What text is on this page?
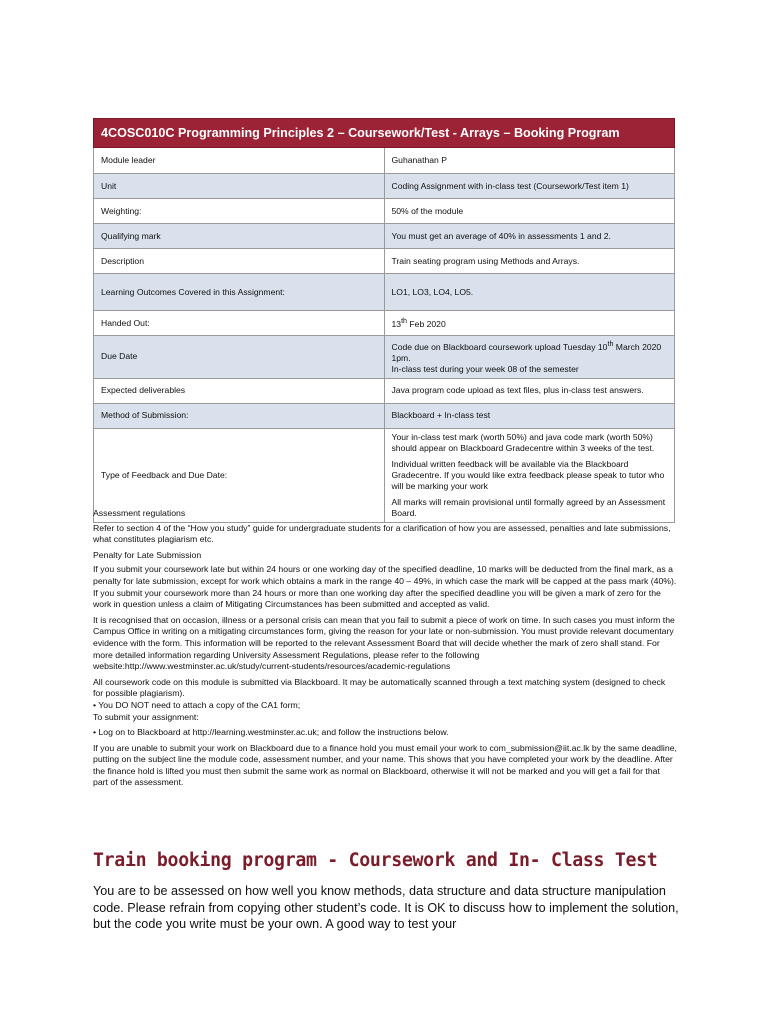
4COSC010C Programming Principles 2 – Coursework/Test - Arrays – Booking Program	
Module leader	Guhanathan P
Unit	Coding Assignment with in-class test (Coursework/Test item 1)
Weighting:	50% of the module
Qualifying mark	You must get an average of 40% in assessments 1 and 2.
Description	Train seating program using Methods and Arrays.
Learning Outcomes Covered in this Assignment:	LO1, LO3, LO4, LO5.
Handed Out:	13th Feb 2020
Due Date	Code due on Blackboard coursework upload Tuesday 10th March 2020 1pm.
In-class test during your week 08 of the semester
Expected deliverables	Java program code upload as text files, plus in-class test answers.
Method of Submission:	Blackboard + In-class test
Type of Feedback and Due Date:	Your in-class test mark (worth 50%) and java code mark (worth 50%) should appear on Blackboard Gradecentre within 3 weeks of the test.

Individual written feedback will be available via the Blackboard Gradecentre. If you would like extra feedback please speak to tutor who will be marking your work

All marks will remain provisional until formally agreed by an Assessment Board.

Assessment regulations

Refer to section 4 of the “How you study” guide for undergraduate students for a clarification of how you are assessed, penalties and late submissions, what constitutes plagiarism etc.

Penalty for Late Submission

If you submit your coursework late but within 24 hours or one working day of the specified deadline, 10 marks will be deducted from the final mark, as a penalty for late submission, except for work which obtains a mark in the range 40 – 49%, in which case the mark will be capped at the pass mark (40%). If you submit your coursework more than 24 hours or more than one working day after the specified deadline you will be given a mark of zero for the work in question unless a claim of Mitigating Circumstances has been submitted and accepted as valid.

It is recognised that on occasion, illness or a personal crisis can mean that you fail to submit a piece of work on time. In such cases you must inform the Campus Office in writing on a mitigating circumstances form, giving the reason for your late or non-submission. You must provide relevant documentary evidence with the form. This information will be reported to the relevant Assessment Board that will decide whether the mark of zero shall stand. For more detailed information regarding University Assessment Regulations, please refer to the following website:http://www.westminster.ac.uk/study/current-students/resources/academic-regulations

All coursework code on this module is submitted via Blackboard. It may be automatically scanned through a text matching system (designed to check for possible plagiarism).
• You DO NOT need to attach a copy of the CA1 form;
To submit your assignment:

• Log on to Blackboard at http://learning.westminster.ac.uk; and follow the instructions below.

If you are unable to submit your work on Blackboard due to a finance hold you must email your work to com_submission@iit.ac.lk by the same deadline, putting on the subject line the module code, assessment number, and your name. This shows that you have completed your work by the deadline. After the finance hold is lifted you must then submit the same work as normal on Blackboard, otherwise it will not be marked and you will get a fail for that part of the assessment.

Train booking program - Coursework and In- Class Test

You are to be assessed on how well you know methods, data structure and data structure manipulation code. Please refrain from copying other student’s code. It is OK to discuss how to implement the solution, but the code you write must be your own. A good way to test your
